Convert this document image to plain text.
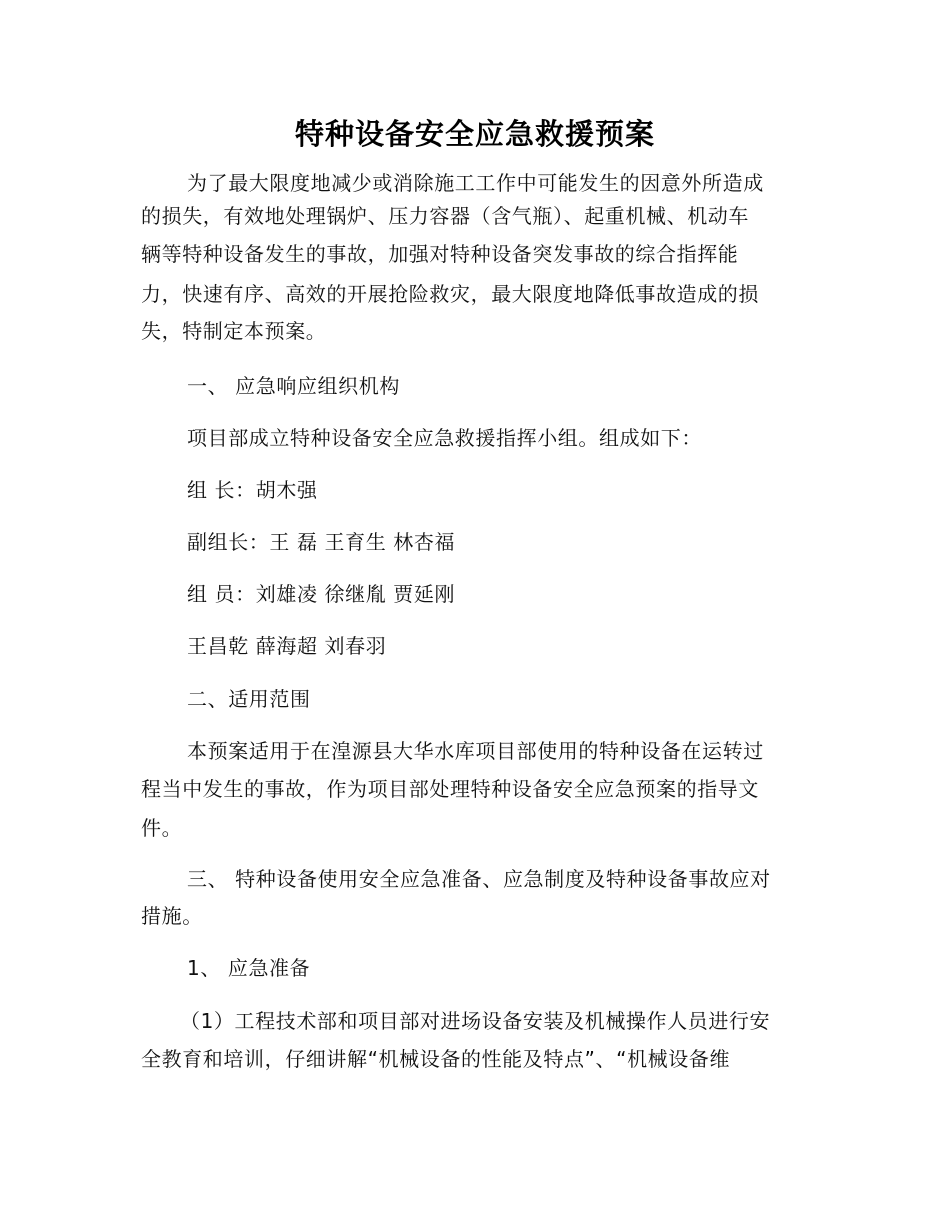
特种设备安全应急救援预案
为了最大限度地减少或消除施工工作中可能发生的因意外所造成
的损失，有效地处理锅炉、压力容器（含气瓶）、起重机械、机动车
辆等特种设备发生的事故，加强对特种设备突发事故的综合指挥能
力，快速有序、高效的开展抢险救灾，最大限度地降低事故造成的损
失，特制定本预案。
一、 应急响应组织机构
项目部成立特种设备安全应急救援指挥小组。组成如下：
组 长：胡木强
副组长：王 磊 王育生 林杏福
组 员：刘雄凌 徐继胤 贾延刚
王昌乾 薛海超 刘春羽
二、适用范围
本预案适用于在湟源县大华水库项目部使用的特种设备在运转过
程当中发生的事故，作为项目部处理特种设备安全应急预案的指导文
件。
三、 特种设备使用安全应急准备、应急制度及特种设备事故应对
措施。
1、 应急准备
（1）工程技术部和项目部对进场设备安装及机械操作人员进行安
全教育和培训，仔细讲解“机械设备的性能及特点”、“机械设备维
